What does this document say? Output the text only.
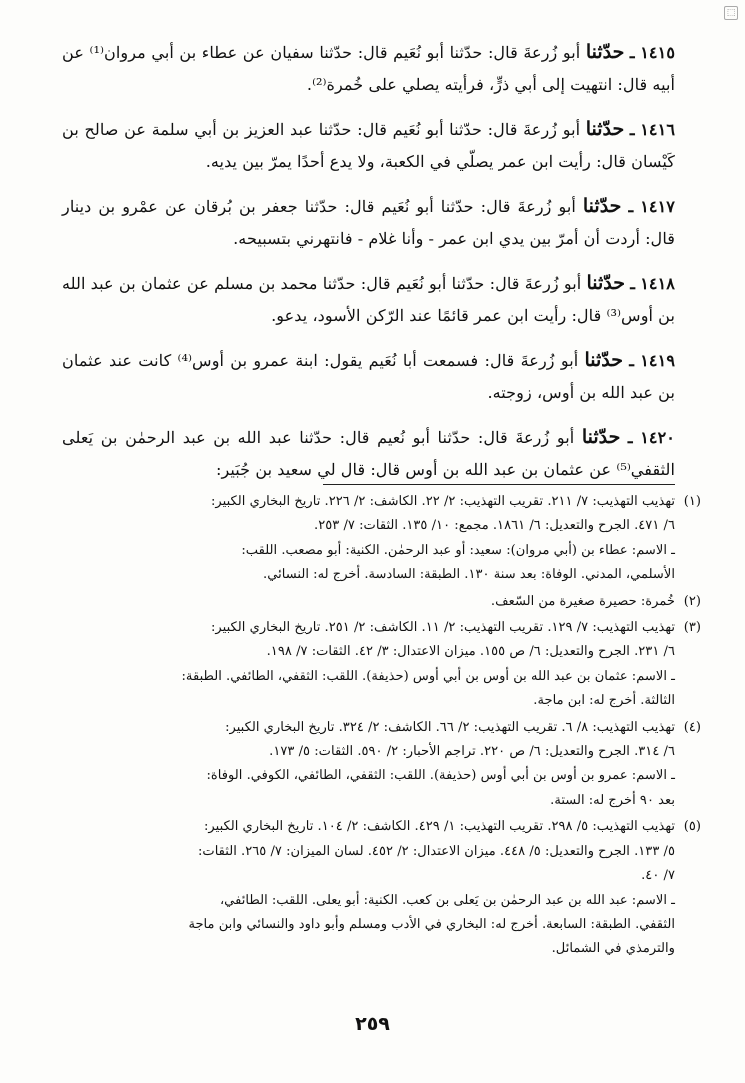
⬚

١٤١٥ ـ حدّثنا أبو زُرعةَ قال: حدّثنا أبو نُعَيم قال: حدّثنا سفيان عن عطاء بن أبي مروان⁽¹⁾ عن أبيه قال: انتهيت إلى أبي ذرٍّ، فرأيته يصلي على خُمرة⁽²⁾.

١٤١٦ ـ حدّثنا أبو زُرعةَ قال: حدّثنا أبو نُعَيم قال: حدّثنا عبد العزيز بن أبي سلمة عن صالح بن كَيْسان قال: رأيت ابن عمر يصلّي في الكعبة، ولا يدع أحدًا يمرّ بين يديه.

١٤١٧ ـ حدّثنا أبو زُرعةَ قال: حدّثنا أبو نُعَيم قال: حدّثنا جعفر بن بُرقان عن عمْرو بن دينار قال: أردت أن أمرّ بين يدي ابن عمر - وأنا غلام - فانتهرني بتسبيحه.

١٤١٨ ـ حدّثنا أبو زُرعةَ قال: حدّثنا أبو نُعَيم قال: حدّثنا محمد بن مسلم عن عثمان بن عبد الله بن أوس⁽³⁾ قال: رأيت ابن عمر قائمًا عند الرّكن الأسود، يدعو.

١٤١٩ ـ حدّثنا أبو زُرعةَ قال: فسمعت أبا نُعَيم يقول: ابنة عمرو بن أوس⁽⁴⁾ كانت عند عثمان بن عبد الله بن أوس، زوجته.

١٤٢٠ ـ حدّثنا أبو زُرعةَ قال: حدّثنا أبو نُعيم قال: حدّثنا عبد الله بن عبد الرحمٰن بن يَعلى الثقفي⁽⁵⁾ عن عثمان بن عبد الله بن أوس قال: قال لي سعيد بن جُبَير:

(١)
تهذيب التهذيب: ٧/ ٢١١. تقريب التهذيب: ٢/ ٢٢. الكاشف: ٢/ ٢٢٦. تاريخ البخاري الكبير:
٦/ ٤٧١. الجرح والتعديل: ٦/ ١٨٦١. مجمع: ١٠/ ١٣٥. الثقات: ٧/ ٢٥٣.
ـ الاسم: عطاء بن (أبي مروان): سعيد: أو عبد الرحمٰن. الكنية: أبو مصعب. اللقب:
الأسلمي، المدني. الوفاة: بعد سنة ١٣٠. الطبقة: السادسة. أخرج له: النسائي.
(٢)
خُمرة: حصيرة صغيرة من السّعف.
(٣)
تهذيب التهذيب: ٧/ ١٢٩. تقريب التهذيب: ٢/ ١١. الكاشف: ٢/ ٢٥١. تاريخ البخاري الكبير:
٦/ ٢٣١. الجرح والتعديل: ٦/ ص ١٥٥. ميزان الاعتدال: ٣/ ٤٢. الثقات: ٧/ ١٩٨.
ـ الاسم: عثمان بن عبد الله بن أوس بن أبي أوس (حذيفة). اللقب: الثقفي، الطائفي. الطبقة:
الثالثة. أخرج له: ابن ماجة.
(٤)
تهذيب التهذيب: ٨/ ٦. تقريب التهذيب: ٢/ ٦٦. الكاشف: ٢/ ٣٢٤. تاريخ البخاري الكبير:
٦/ ٣١٤. الجرح والتعديل: ٦/ ص ٢٢٠. تراجم الأحبار: ٢/ ٥٩٠. الثقات: ٥/ ١٧٣.
ـ الاسم: عمرو بن أوس بن أبي أوس (حذيفة). اللقب: الثقفي، الطائفي، الكوفي. الوفاة:
بعد ٩٠ أخرج له: الستة.
(٥)
تهذيب التهذيب: ٥/ ٢٩٨. تقريب التهذيب: ١/ ٤٢٩. الكاشف: ٢/ ١٠٤. تاريخ البخاري الكبير:
٥/ ١٣٣. الجرح والتعديل: ٥/ ٤٤٨. ميزان الاعتدال: ٢/ ٤٥٢. لسان الميزان: ٧/ ٢٦٥. الثقات:
٧/ ٤٠.
ـ الاسم: عبد الله بن عبد الرحمٰن بن يَعلى بن كعب. الكنية: أبو يعلى. اللقب: الطائفي،
الثقفي. الطبقة: السابعة. أخرج له: البخاري في الأدب ومسلم وأبو داود والنسائي وابن ماجة
والترمذي في الشمائل.
٢٥٩
